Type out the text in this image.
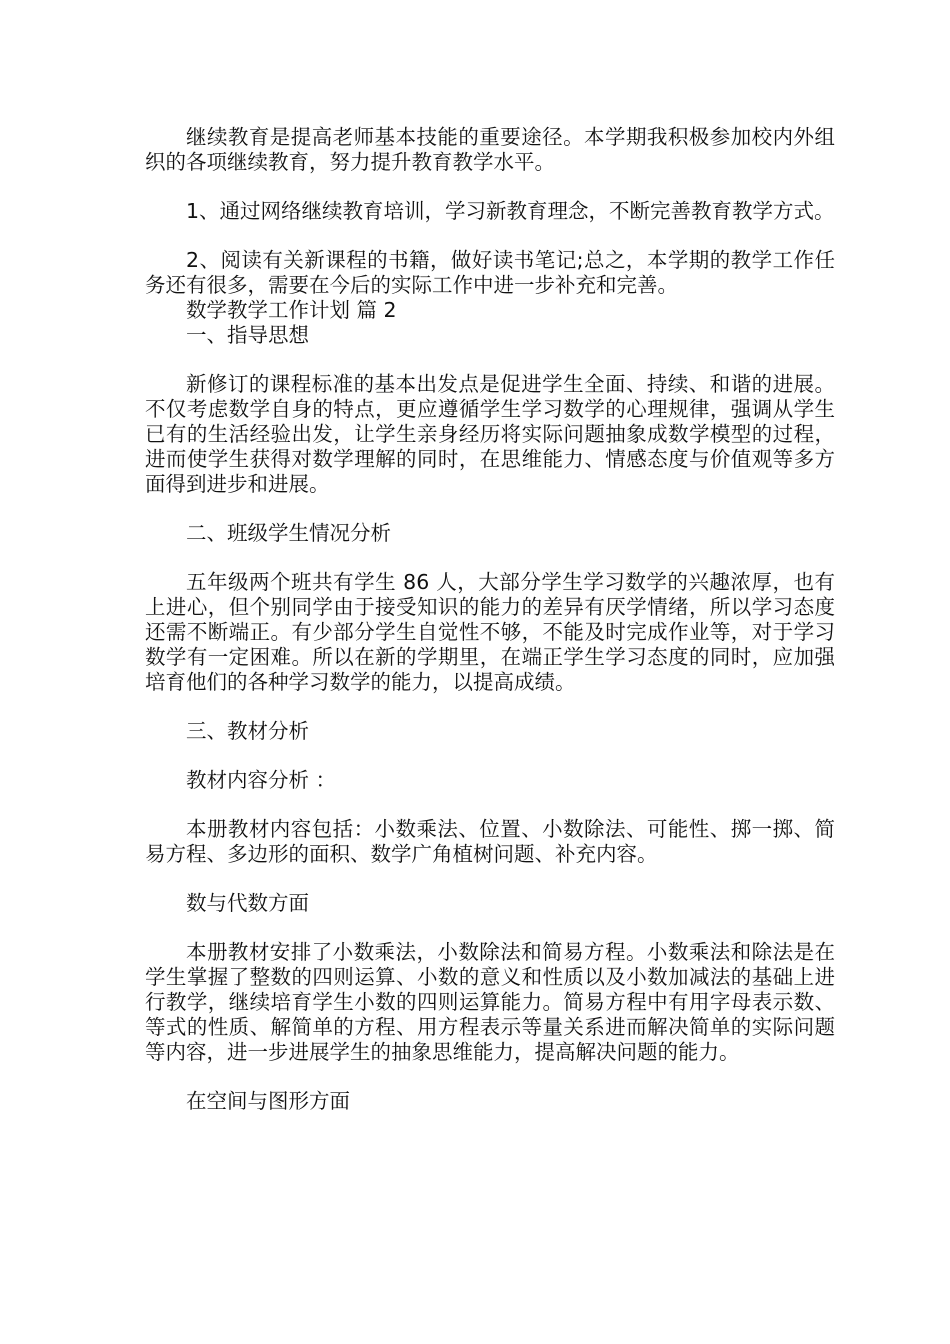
继续教育是提高老师基本技能的重要途径。本学期我积极参加校内外组织的各项继续教育，努力提升教育教学水平。

1、通过网络继续教育培训，学习新教育理念，不断完善教育教学方式。

2、阅读有关新课程的书籍，做好读书笔记;总之，本学期的教学工作任务还有很多，需要在今后的实际工作中进一步补充和完善。

数学教学工作计划 篇 2

一、指导思想

新修订的课程标准的基本出发点是促进学生全面、持续、和谐的进展。不仅考虑数学自身的特点，更应遵循学生学习数学的心理规律，强调从学生已有的生活经验出发，让学生亲身经历将实际问题抽象成数学模型的过程，进而使学生获得对数学理解的同时，在思维能力、情感态度与价值观等多方面得到进步和进展。

二、班级学生情况分析

五年级两个班共有学生 86 人，大部分学生学习数学的兴趣浓厚，也有上进心，但个别同学由于接受知识的能力的差异有厌学情绪，所以学习态度还需不断端正。有少部分学生自觉性不够，不能及时完成作业等，对于学习数学有一定困难。所以在新的学期里，在端正学生学习态度的同时，应加强培育他们的各种学习数学的能力，以提高成绩。

三、教材分析

教材内容分析 ：

本册教材内容包括：小数乘法、位置、小数除法、可能性、掷一掷、简易方程、多边形的面积、数学广角植树问题、补充内容。

数与代数方面

本册教材安排了小数乘法，小数除法和简易方程。小数乘法和除法是在学生掌握了整数的四则运算、小数的意义和性质以及小数加减法的基础上进行教学，继续培育学生小数的四则运算能力。简易方程中有用字母表示数、等式的性质、解简单的方程、用方程表示等量关系进而解决简单的实际问题等内容，进一步进展学生的抽象思维能力，提高解决问题的能力。

在空间与图形方面
